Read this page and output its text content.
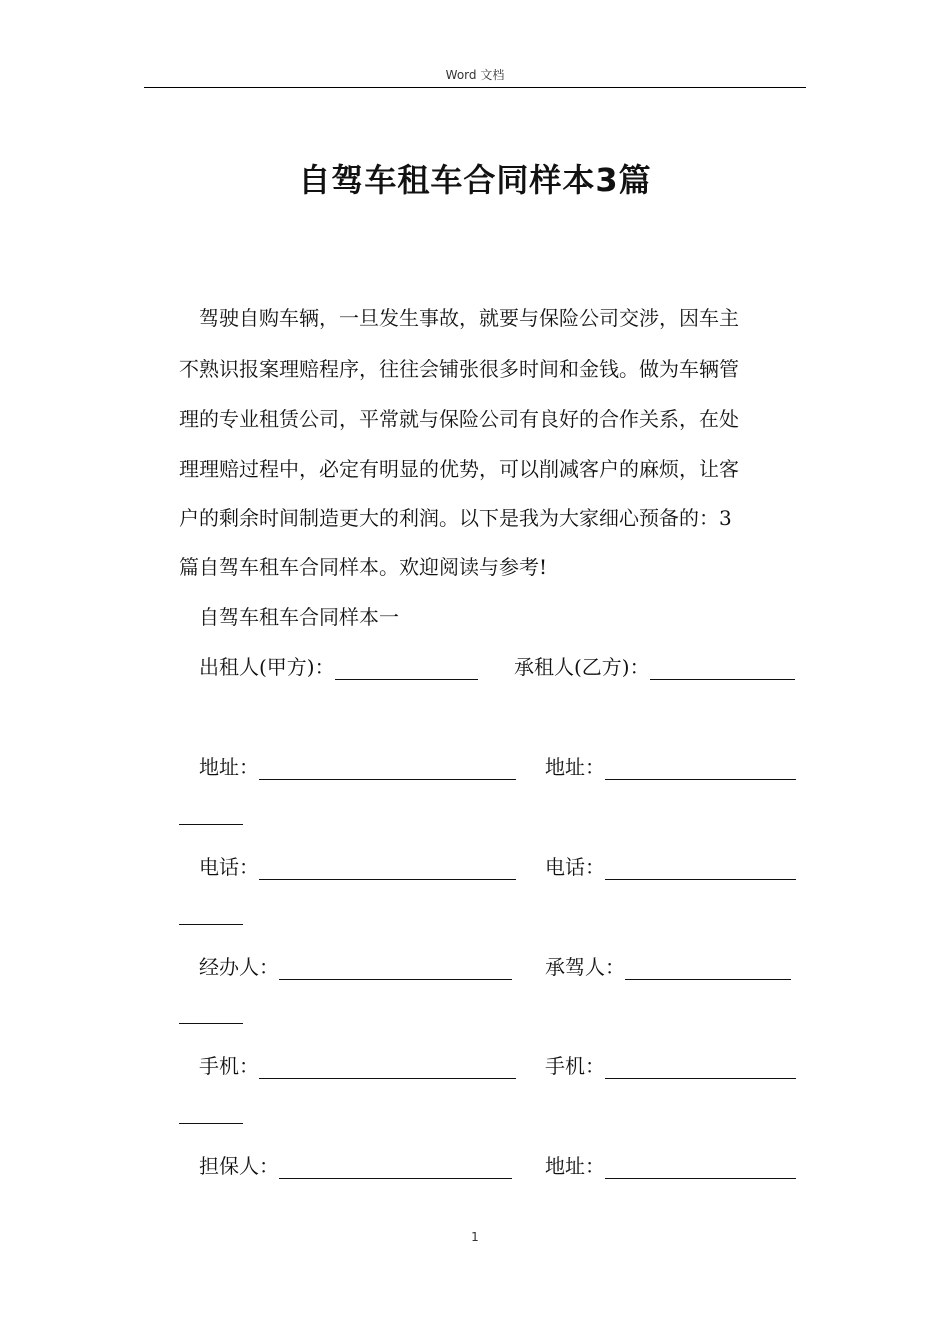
Word 文档
自驾车租车合同样本3篇
驾驶自购车辆，一旦发生事故，就要与保险公司交涉，因车主
不熟识报案理赔程序，往往会铺张很多时间和金钱。做为车辆管
理的专业租赁公司，平常就与保险公司有良好的合作关系，在处
理理赔过程中，必定有明显的优势，可以削减客户的麻烦，让客
户的剩余时间制造更大的利润。以下是我为大家细心预备的：3
篇自驾车租车合同样本。欢迎阅读与参考!
自驾车租车合同样本一
出租人(甲方)：	承租人(乙方)：
地址：	地址：
电话：	电话：
经办人：	承驾人：
手机：	手机：
担保人：	地址：
1
